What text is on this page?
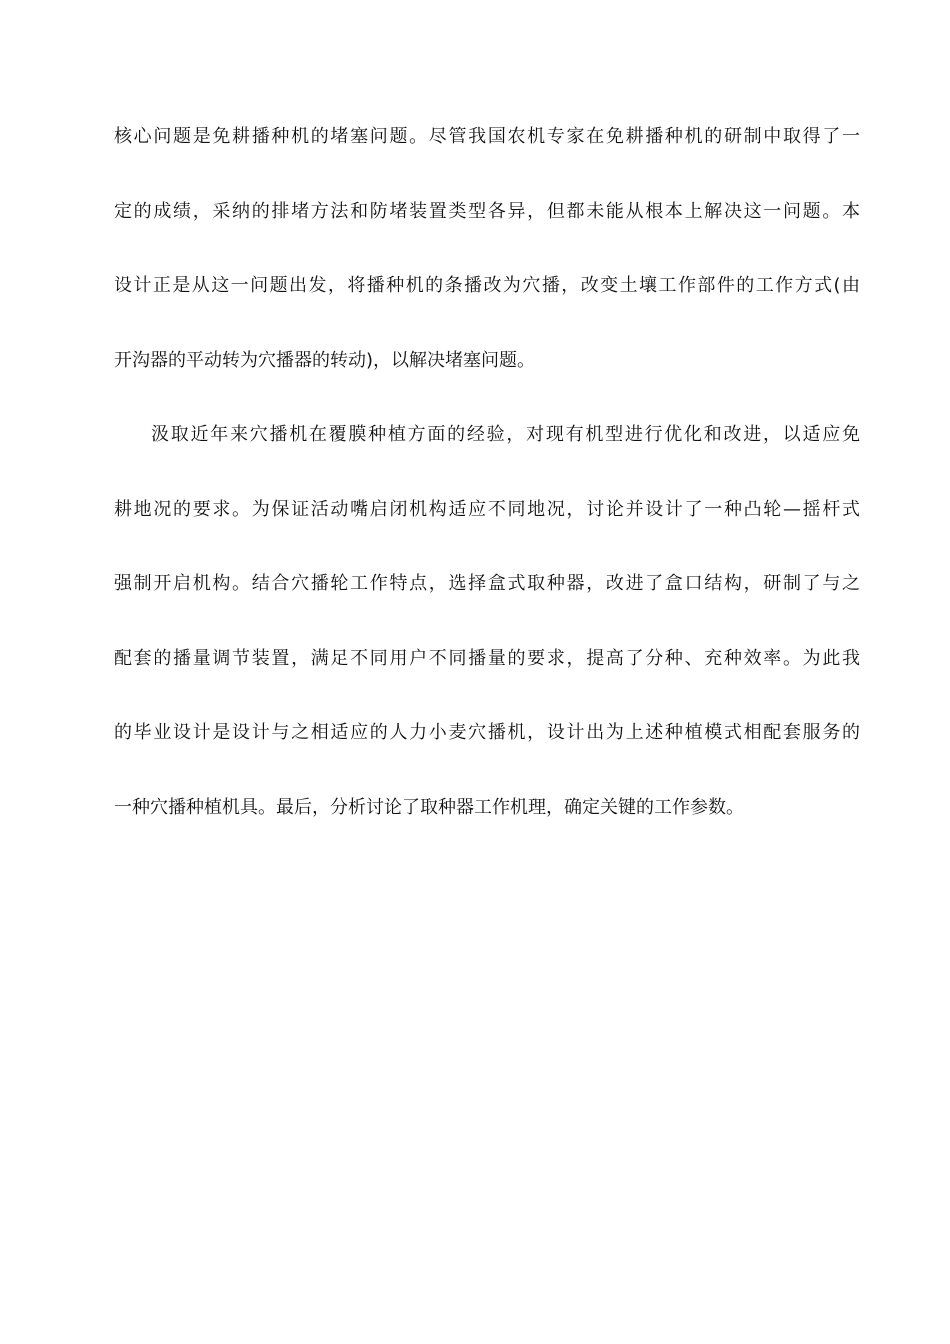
核心问题是免耕播种机的堵塞问题。尽管我国农机专家在免耕播种机的研制中取得了一
定的成绩，采纳的排堵方法和防堵装置类型各异，但都未能从根本上解决这一问题。本
设计正是从这一问题出发，将播种机的条播改为穴播，改变土壤工作部件的工作方式(由
开沟器的平动转为穴播器的转动)，以解决堵塞问题。
汲取近年来穴播机在覆膜种植方面的经验，对现有机型进行优化和改进，以适应免
耕地况的要求。为保证活动嘴启闭机构适应不同地况，讨论并设计了一种凸轮—摇杆式
强制开启机构。结合穴播轮工作特点，选择盒式取种器，改进了盒口结构，研制了与之
配套的播量调节装置，满足不同用户不同播量的要求，提高了分种、充种效率。为此我
的毕业设计是设计与之相适应的人力小麦穴播机，设计出为上述种植模式相配套服务的
一种穴播种植机具。最后，分析讨论了取种器工作机理，确定关键的工作参数。
